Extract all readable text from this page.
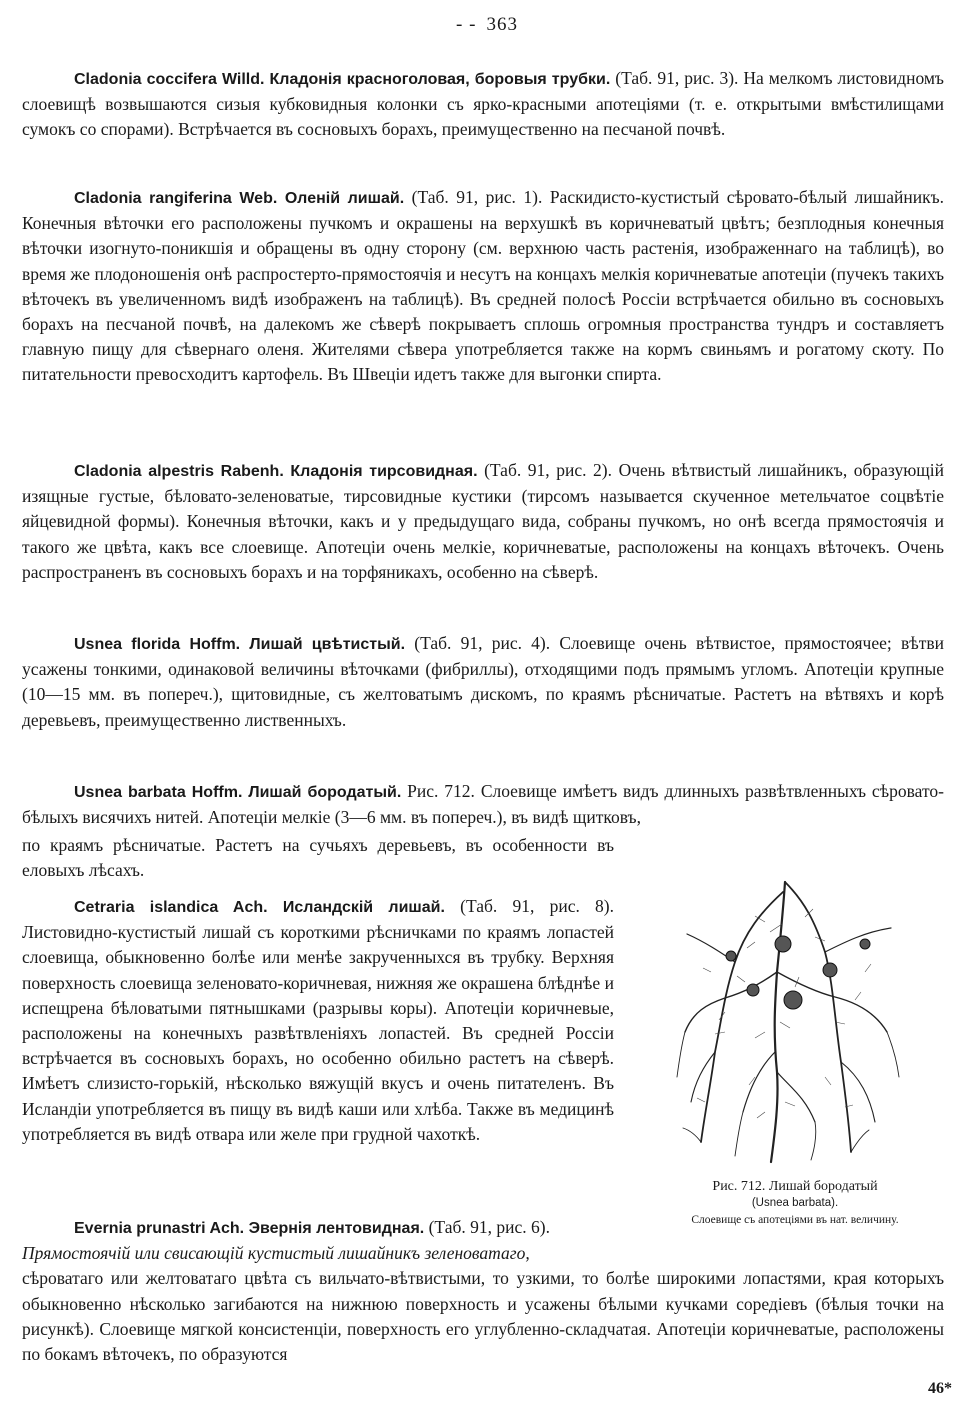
- - 363

Cladonia coccifera Willd. Кладонія красноголовая, боровыя трубки. (Таб. 91, рис. 3). На мелкомъ листовидномъ слоевищѣ возвышаются сизыя кубковидныя колонки съ ярко-красными апотеціями (т. е. открытыми вмѣстилищами сумокъ со спорами). Встрѣчается въ сосновыхъ борахъ, преимущественно на песчаной почвѣ.

Cladonia rangiferina Web. Олeній лишай. (Таб. 91, рис. 1). Раскидисто-кустистый сѣровато-бѣлый лишайникъ. Конечныя вѣточки его расположены пучкомъ и окрашены на верхушкѣ въ коричневатый цвѣтъ; безплодныя конечныя вѣточки изогнуто-поникшія и обращены въ одну сторону (см. верхнюю часть растенія, изображеннаго на таблицѣ), во время же плодоношенія онѣ распростерто-прямостоячія и несутъ на концахъ мелкія коричневатые апотеціи (пучекъ такихъ вѣточекъ въ увеличенномъ видѣ изображенъ на таблицѣ). Въ средней полосѣ Россіи встрѣчается обильно въ сосновыхъ борахъ на песчаной почвѣ, на далекомъ же сѣверѣ покрываетъ сплошь огромныя пространства тундръ и составляетъ главную пищу для сѣвернаго оленя. Жителями сѣвера употребляется также на кормъ свиньямъ и рогатому скоту. По питательности превосходитъ картофель. Въ Швеціи идетъ также для выгонки спирта.

Cladonia alpestris Rabenh. Кладонія тирсовидная. (Таб. 91, рис. 2). Очень вѣтвистый лишайникъ, образующій изящные густые, бѣловато-зеленоватые, тирсовидные кустики (тирсомъ называется скученное метельчатое соцвѣтіе яйцевидной формы). Конечныя вѣточки, какъ и у предыдущаго вида, собраны пучкомъ, но онѣ всегда прямостоячія и такого же цвѣта, какъ все слоевище. Апотеціи очень мелкіе, коричневатые, расположены на концахъ вѣточекъ. Очень распространенъ въ сосновыхъ борахъ и на торфяникахъ, особенно на сѣверѣ.

Usnea florida Hoffm. Лишай цвѣтистый. (Таб. 91, рис. 4). Слоевище очень вѣтвистое, прямостоячее; вѣтви усажены тонкими, одинаковой величины вѣточками (фибриллы), отходящими подъ прямымъ угломъ. Апотеціи крупные (10—15 мм. въ попереч.), щитовидные, съ желтоватымъ дискомъ, по краямъ рѣсничатые. Растетъ на вѣтвяхъ и корѣ деревьевъ, преимущественно лиственныхъ.

Usnea barbata Hoffm. Лишай бородатый. Рис. 712. Слоевище имѣетъ видъ длинныхъ развѣтвленныхъ сѣровато-бѣлыхъ висячихъ нитей. Апотеціи мелкіе (3—6 мм. въ попереч.), въ видѣ щитковъ,

по краямъ рѣсничатые. Растетъ на сучьяхъ деревьевъ, въ особенности въ еловыхъ лѣсахъ.

Cetraria islandica Ach. Исландскій лишай. (Таб. 91, рис. 8). Листовидно-кустистый лишай съ короткими рѣсничками по краямъ лопастей слоевища, обыкновенно болѣе или менѣе закрученныхся въ трубку. Верхняя поверхность слоевища зеленовато-коричневая, нижняя же окрашена блѣднѣе и испещрена бѣловатыми пятнышками (разрывы коры). Апотеціи коричневые, расположены на конечныхъ развѣтвленіяхъ лопастей. Въ средней Россіи встрѣчается въ сосновыхъ борахъ, но особенно обильно растетъ на сѣверѣ. Имѣетъ слизисто-горькій, нѣсколько вяжущій вкусъ и очень питателенъ. Въ Исландіи употребляется въ пищу въ видѣ каши или хлѣба. Также въ медицинѣ употребляется въ видѣ отвара или желе при грудной чахоткѣ.

Evernia prunastri Ach. Эвернія лентовидная. (Таб. 91, рис. 6).
Прямостоячій или свисающій кустистый лишайникъ зеленоватаго,
сѣроватаго или желтоватаго цвѣта съ вильчато-вѣтвистыми, то узкими, то болѣе широкими лопастями, края которыхъ обыкновенно нѣсколько загибаются на нижнюю поверхность и усажены бѣлыми кучками соредіевъ (бѣлыя точки на рисункѣ). Слоевище мягкой консистенціи, поверхность его углубленно-складчатая. Апотеціи коричневатые, расположены по бокамъ вѣточекъ, по образуются
Рис. 712. Лишай бородатый
(Usnea barbata).
Слоевище съ апотеціями въ нат. величину.
46*
